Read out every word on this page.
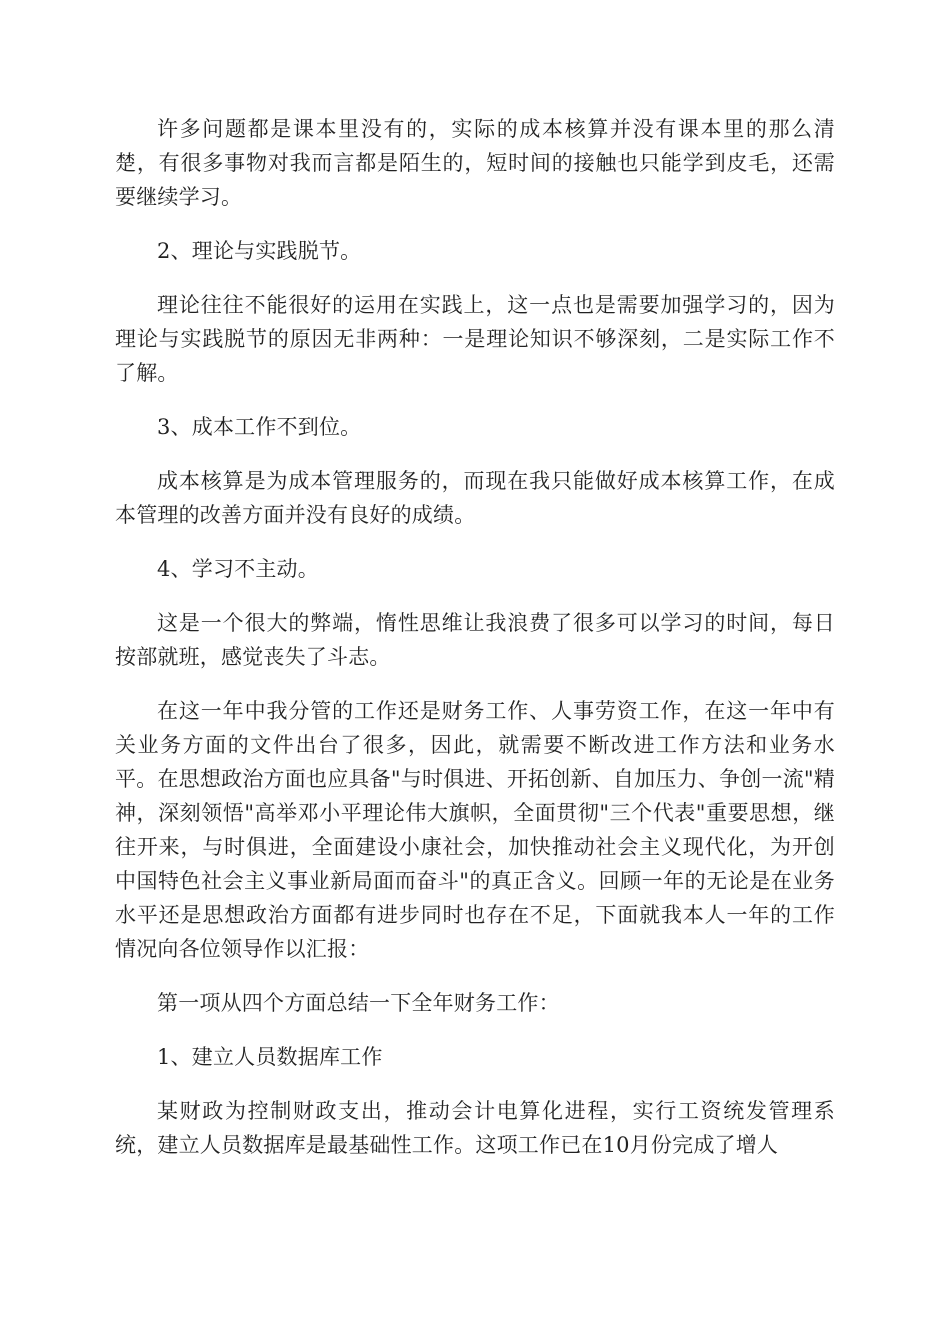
许多问题都是课本里没有的，实际的成本核算并没有课本里的那么清楚，有很多事物对我而言都是陌生的，短时间的接触也只能学到皮毛，还需要继续学习。

2、理论与实践脱节。

理论往往不能很好的运用在实践上，这一点也是需要加强学习的，因为理论与实践脱节的原因无非两种：一是理论知识不够深刻，二是实际工作不了解。

3、成本工作不到位。

成本核算是为成本管理服务的，而现在我只能做好成本核算工作，在成本管理的改善方面并没有良好的成绩。

4、学习不主动。

这是一个很大的弊端，惰性思维让我浪费了很多可以学习的时间，每日按部就班，感觉丧失了斗志。

在这一年中我分管的工作还是财务工作、人事劳资工作，在这一年中有关业务方面的文件出台了很多，因此，就需要不断改进工作方法和业务水平。在思想政治方面也应具备"与时俱进、开拓创新、自加压力、争创一流"精神，深刻领悟"高举邓小平理论伟大旗帜，全面贯彻"三个代表"重要思想，继往开来，与时俱进，全面建设小康社会，加快推动社会主义现代化，为开创中国特色社会主义事业新局面而奋斗"的真正含义。回顾一年的无论是在业务水平还是思想政治方面都有进步同时也存在不足，下面就我本人一年的工作情况向各位领导作以汇报：

第一项从四个方面总结一下全年财务工作：

1、建立人员数据库工作

某财政为控制财政支出，推动会计电算化进程，实行工资统发管理系统，建立人员数据库是最基础性工作。这项工作已在10月份完成了增人
